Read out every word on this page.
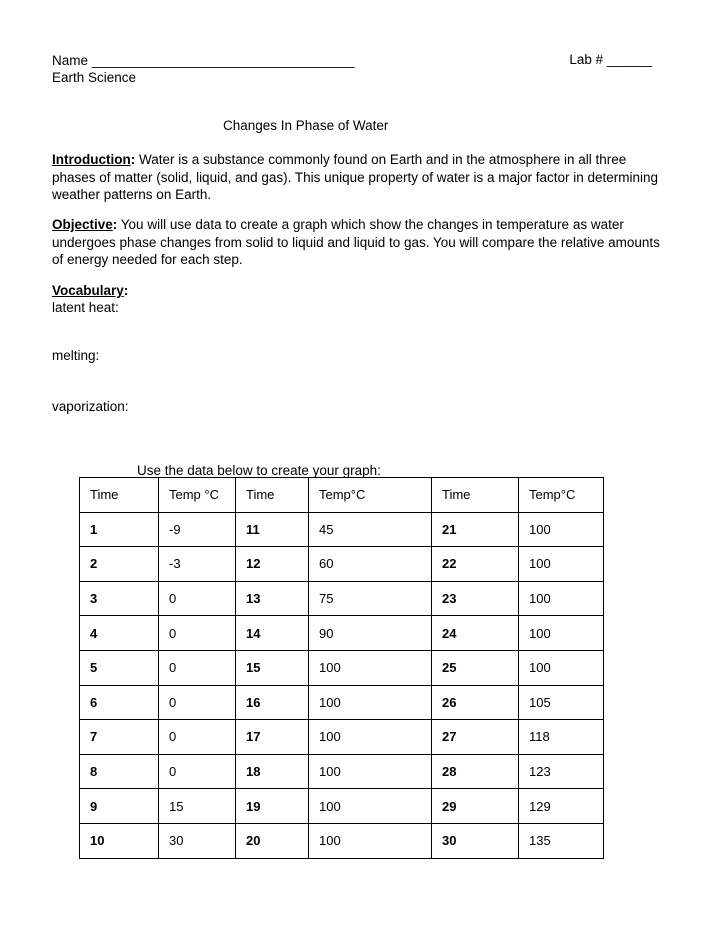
Name ___________________________________	Lab # ______
Earth Science
Changes In Phase of Water
Introduction: Water is a substance commonly found on Earth and in the atmosphere in all three phases of matter (solid, liquid, and gas). This unique property of water is a major factor in determining weather patterns on Earth.
Objective: You will use data to create a graph which show the changes in temperature as water undergoes phase changes from solid to liquid and liquid to gas. You will compare the relative amounts of energy needed for each step.
Vocabulary:
latent heat:
melting:
vaporization:
Use the data below to create your graph:
Time	Temp °C	Time	Temp°C	Time	Temp°C
1	-9	11	45	21	100
2	-3	12	60	22	100
3	0	13	75	23	100
4	0	14	90	24	100
5	0	15	100	25	100
6	0	16	100	26	105
7	0	17	100	27	118
8	0	18	100	28	123
9	15	19	100	29	129
10	30	20	100	30	135
